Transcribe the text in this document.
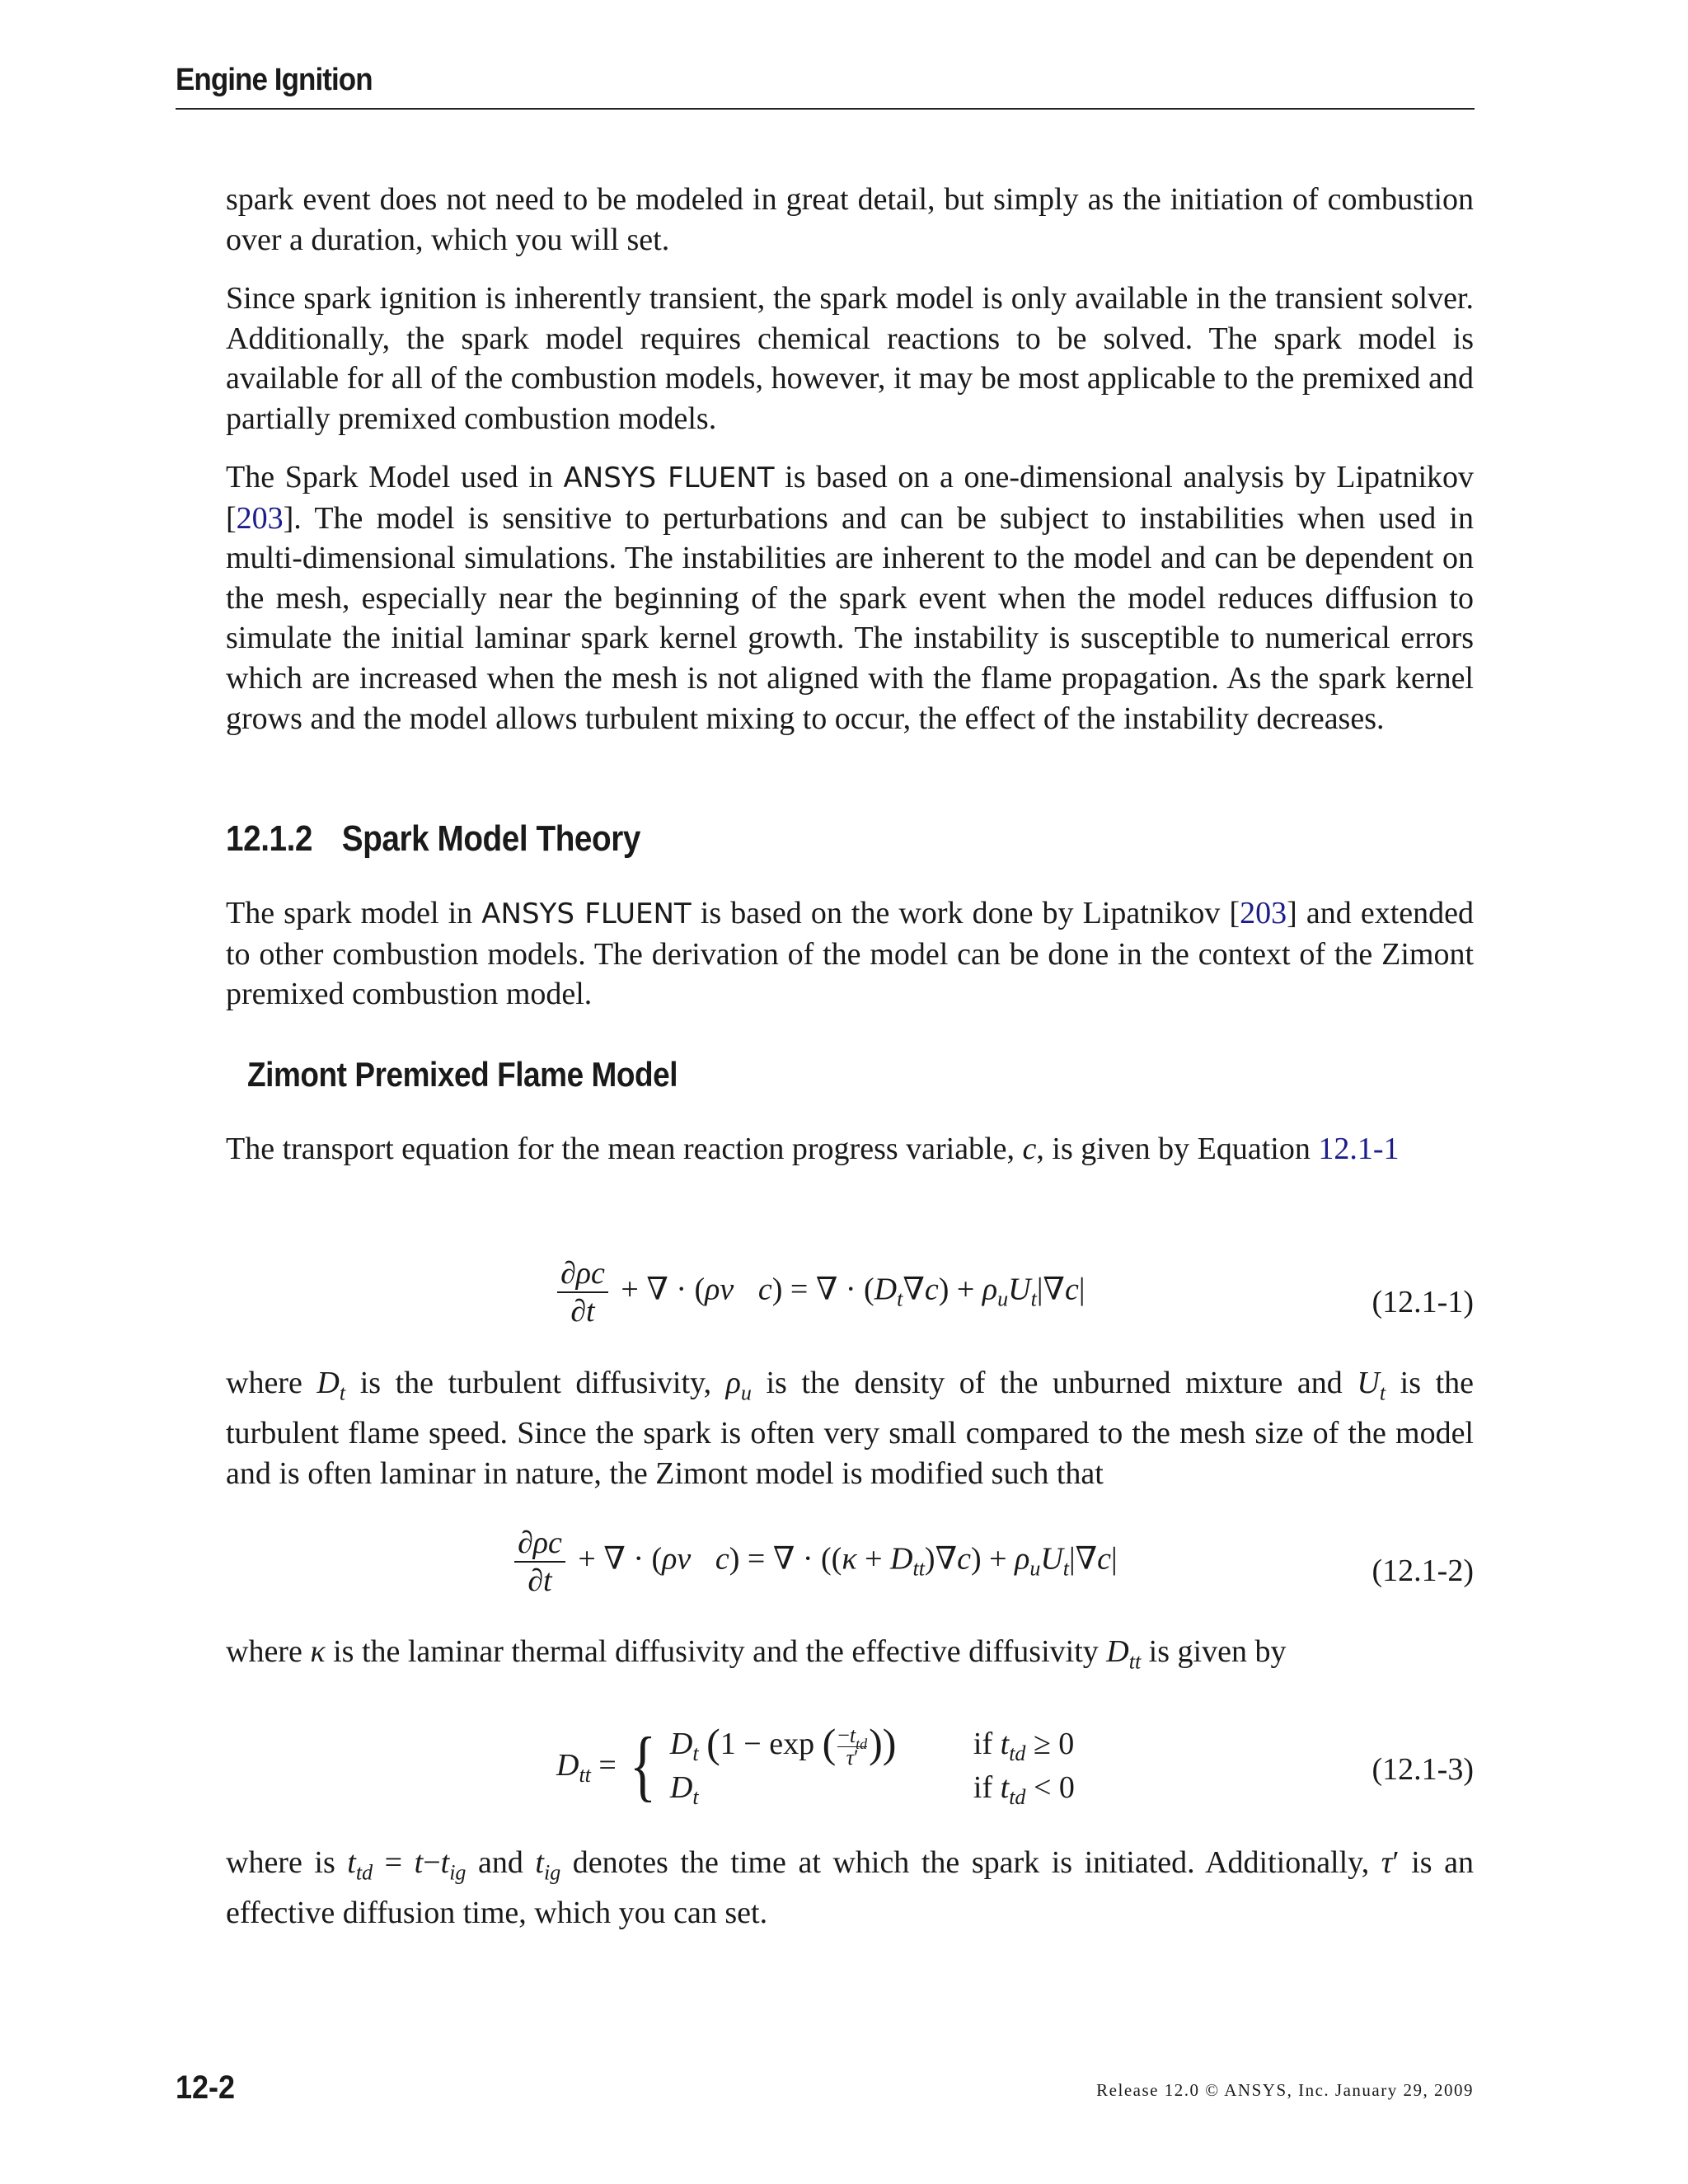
Engine Ignition

spark event does not need to be modeled in great detail, but simply as the initiation of combustion over a duration, which you will set.

Since spark ignition is inherently transient, the spark model is only available in the transient solver. Additionally, the spark model requires chemical reactions to be solved. The spark model is available for all of the combustion models, however, it may be most applicable to the premixed and partially premixed combustion models.

The Spark Model used in ANSYS FLUENT is based on a one-dimensional analysis by Lipatnikov [203]. The model is sensitive to perturbations and can be subject to instabilities when used in multi-dimensional simulations. The instabilities are inherent to the model and can be dependent on the mesh, especially near the beginning of the spark event when the model reduces diffusion to simulate the initial laminar spark kernel growth. The instability is susceptible to numerical errors which are increased when the mesh is not aligned with the flame propagation. As the spark kernel grows and the model allows turbulent mixing to occur, the effect of the instability decreases.

12.1.2 Spark Model Theory

The spark model in ANSYS FLUENT is based on the work done by Lipatnikov [203] and extended to other combustion models. The derivation of the model can be done in the context of the Zimont premixed combustion model.

Zimont Premixed Flame Model

The transport equation for the mean reaction progress variable, c, is given by Equation 12.1-1

$\frac{\partial\rho c}{\partial t}$ + ∇ · (ρv⃗c) = ∇ · $(D_t\nabla c) + \rho_uU_t|\nabla c|$	(12.1-1)

where $D_t$ is the turbulent diffusivity, $\rho_u$ is the density of the unburned mixture and $U_t$ is the turbulent flame speed. Since the spark is often very small compared to the mesh size of the model and is often laminar in nature, the Zimont model is modified such that

$\frac{\partial\rho c}{\partial t}$ + ∇ · (ρv⃗c) = ∇ · $((\kappa + D_{tt})\nabla c) + \rho_uU_t|\nabla c|$	(12.1-2)

where κ is the laminar thermal diffusivity and the effective diffusivity $D_{tt}$ is given by

$D_{tt}$ = { $D_t$ (1 − exp ( $-t_{td}$
τ′ )) if $t_{td} \ge 0$
$D_t$	if $t_{td} < 0$
(12.1-3)

where is $t_{td} = t-t_{ig}$ and $t_{ig}$ denotes the time at which the spark is initiated. Additionally, τ′ is an effective diffusion time, which you can set.

12-2	Release 12.0 © ANSYS, Inc. January 29, 2009
